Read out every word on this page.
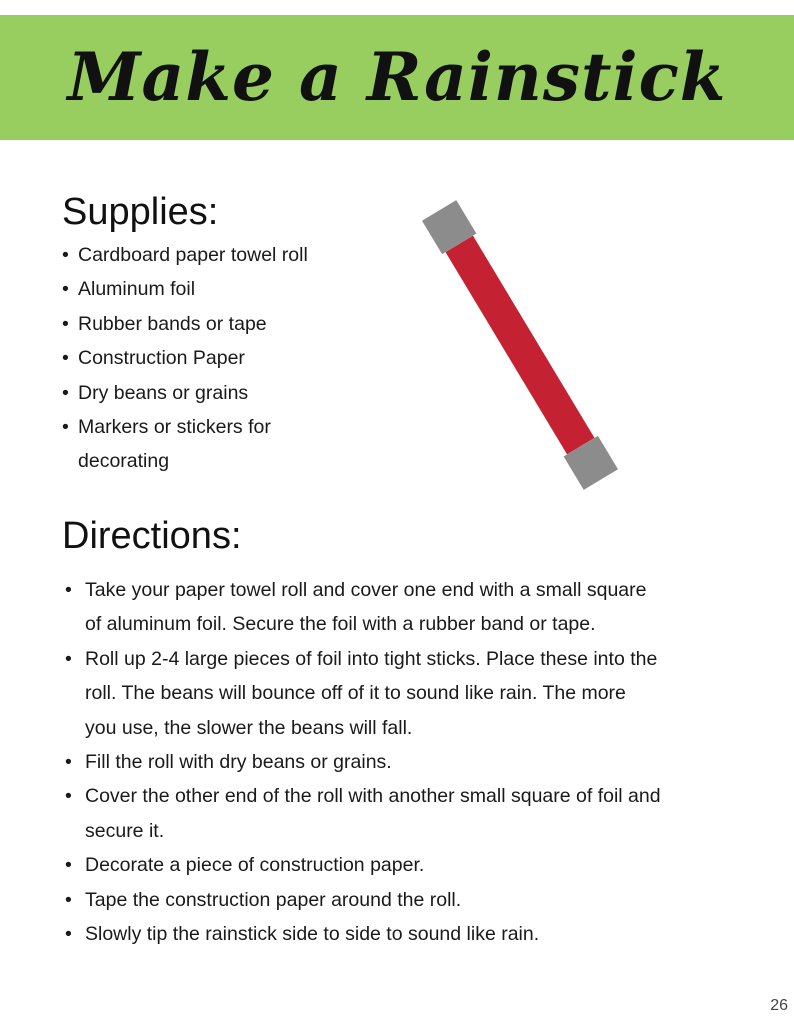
Make a Rainstick
Supplies:
• Cardboard paper towel roll
• Aluminum foil
• Rubber bands or tape
• Construction Paper
• Dry beans or grains
• Markers or stickers for decorating
Directions:
• Take your paper towel roll and cover one end with a small square of aluminum foil. Secure the foil with a rubber band or tape.
• Roll up 2-4 large pieces of foil into tight sticks. Place these into the roll. The beans will bounce off of it to sound like rain. The more you use, the slower the beans will fall.
• Fill the roll with dry beans or grains.
• Cover the other end of the roll with another small square of foil and secure it.
• Decorate a piece of construction paper.
• Tape the construction paper around the roll.
• Slowly tip the rainstick side to side to sound like rain.

26
